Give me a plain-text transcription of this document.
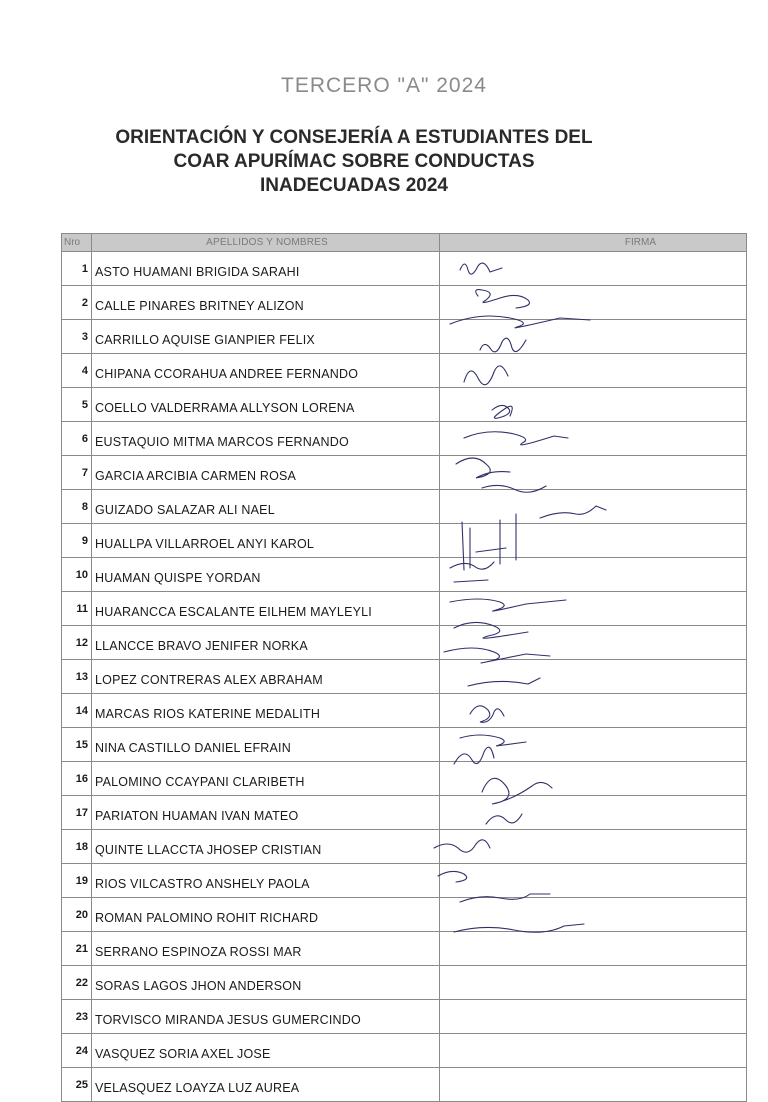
TERCERO "A" 2024
ORIENTACIÓN Y CONSEJERÍA A ESTUDIANTES DEL
COAR APURÍMAC SOBRE CONDUCTAS
INADECUADAS 2024
Nro	APELLIDOS Y NOMBRES	FIRMA
1	ASTO HUAMANI BRIGIDA SARAHI	
2	CALLE PINARES BRITNEY ALIZON	
3	CARRILLO AQUISE GIANPIER FELIX	
4	CHIPANA CCORAHUA ANDREE FERNANDO	
5	COELLO VALDERRAMA ALLYSON LORENA	
6	EUSTAQUIO MITMA MARCOS FERNANDO	
7	GARCIA ARCIBIA CARMEN ROSA	
8	GUIZADO SALAZAR ALI NAEL	
9	HUALLPA VILLARROEL ANYI KAROL	
10	HUAMAN QUISPE YORDAN	
11	HUARANCCA ESCALANTE EILHEM MAYLEYLI	
12	LLANCCE BRAVO JENIFER NORKA	
13	LOPEZ CONTRERAS ALEX ABRAHAM	
14	MARCAS RIOS KATERINE MEDALITH	
15	NINA CASTILLO DANIEL EFRAIN	
16	PALOMINO CCAYPANI CLARIBETH	
17	PARIATON HUAMAN IVAN MATEO	
18	QUINTE LLACCTA JHOSEP CRISTIAN	
19	RIOS VILCASTRO ANSHELY PAOLA	
20	ROMAN PALOMINO ROHIT RICHARD	
21	SERRANO ESPINOZA ROSSI MAR	
22	SORAS LAGOS JHON ANDERSON	
23	TORVISCO MIRANDA JESUS GUMERCINDO	
24	VASQUEZ SORIA AXEL JOSE	
25	VELASQUEZ LOAYZA LUZ AUREA	
